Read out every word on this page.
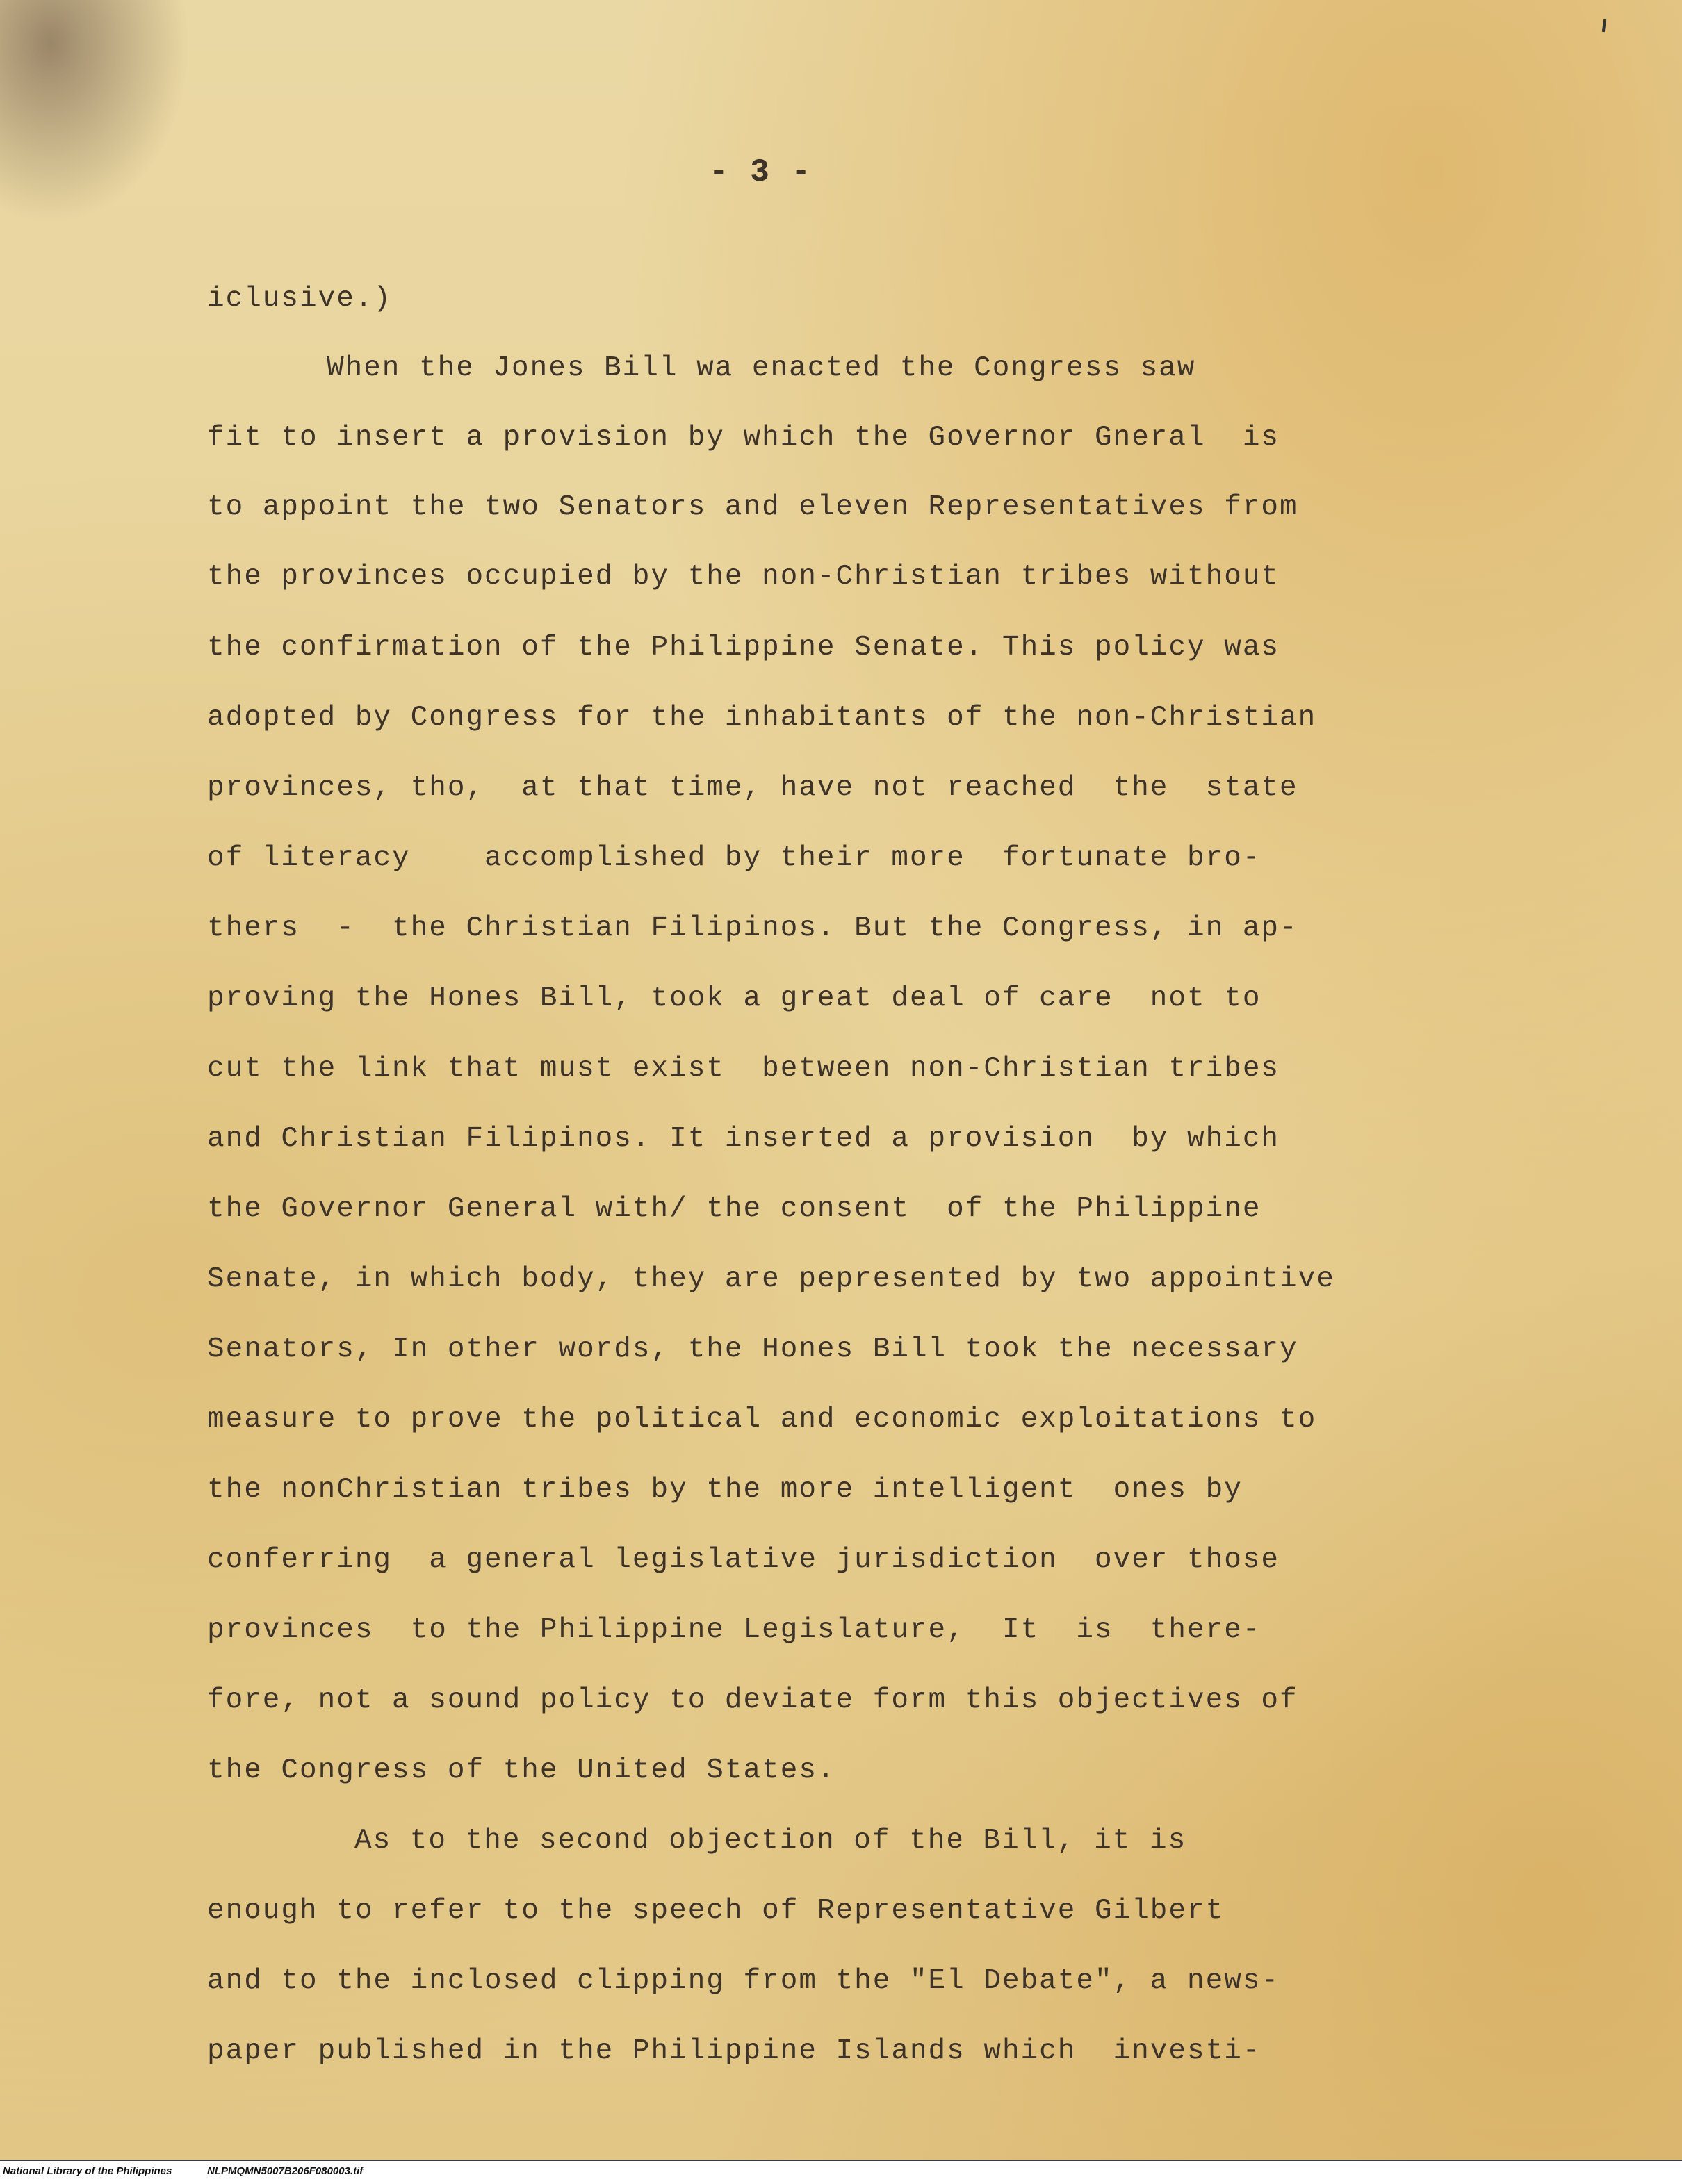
- 3 -
iclusive.)
When the Jones Bill wa enacted the Congress saw
fit to insert a provision by which the Governor Gneral  is
to appoint the two Senators and eleven Representatives from
the provinces occupied by the non-Christian tribes without
the confirmation of the Philippine Senate. This policy was
adopted by Congress for the inhabitants of the non-Christian
provinces, tho,  at that time, have not reached  the  state
of literacy    accomplished by their more  fortunate bro-
thers  -  the Christian Filipinos. But the Congress, in ap-
proving the Hones Bill, took a great deal of care  not to
cut the link that must exist  between non-Christian tribes
and Christian Filipinos. It inserted a provision  by which
the Governor General with/ the consent  of the Philippine
Senate, in which body, they are pepresented by two appointive
Senators, In other words, the Hones Bill took the necessary
measure to prove the political and economic exploitations to
the nonChristian tribes by the more intelligent  ones by
conferring  a general legislative jurisdiction  over those
provinces  to the Philippine Legislature,  It  is  there-
fore, not a sound policy to deviate form this objectives of
the Congress of the United States.
As to the second objection of the Bill, it is
enough to refer to the speech of Representative Gilbert
and to the inclosed clipping from the "El Debate", a news-
paper published in the Philippine Islands which  investi-
National Library of the Philippines	NLPMQMN5007B206F080003.tif
